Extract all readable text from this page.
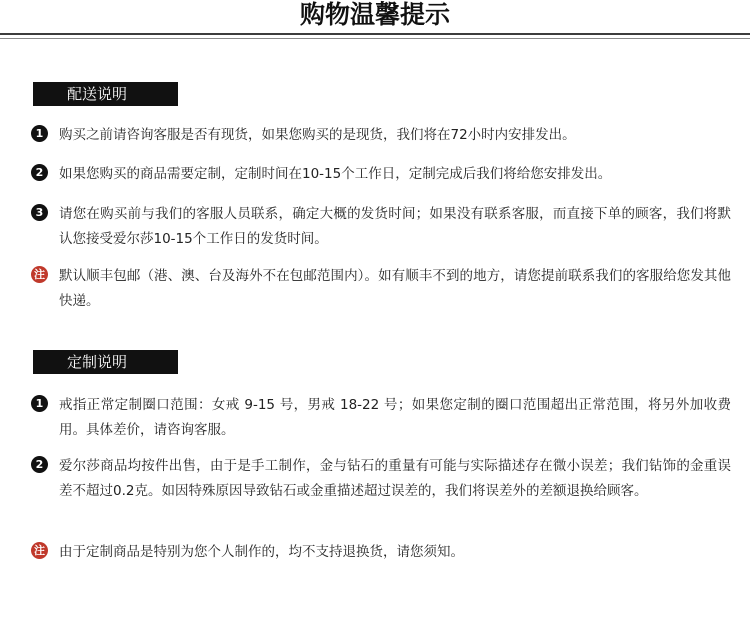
购物温馨提示
配送说明
1	购买之前请咨询客服是否有现货，如果您购买的是现货，我们将在72小时内安排发出。
2	如果您购买的商品需要定制，定制时间在10-15个工作日，定制完成后我们将给您安排发出。
3	请您在购买前与我们的客服人员联系，确定大概的发货时间；如果没有联系客服，而直接下单的顾客，我们将默认您接受爱尔莎10-15个工作日的发货时间。
注 默认顺丰包邮（港、澳、台及海外不在包邮范围内）。如有顺丰不到的地方，请您提前联系我们的客服给您发其他快递。
定制说明
1	戒指正常定制圈口范围：女戒 9-15 号，男戒 18-22 号；如果您定制的圈口范围超出正常范围，将另外加收费用。具体差价，请咨询客服。
2	爱尔莎商品均按件出售，由于是手工制作，金与钻石的重量有可能与实际描述存在微小误差；我们钻饰的金重误差不超过0.2克。如因特殊原因导致钻石或金重描述超过误差的，我们将误差外的差额退换给顾客。
注 由于定制商品是特别为您个人制作的，均不支持退换货，请您须知。
